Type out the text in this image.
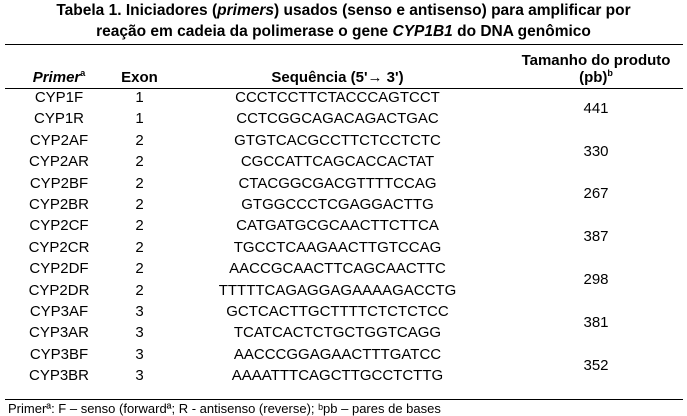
Tabela 1. Iniciadores (primers) usados (senso e antisenso) para amplificar por
reação em cadeia da polimerase o gene CYP1B1 do DNA genômico
Primer$^a$	Exon	Sequência (5'→ 3')	Tamanho do produto
(pb)$^b$

CYP1F	1	CCCTCCTTCTACCCAGTCCT	441
CYP1R	1	CCTCGGCAGACAGACTGAC	
CYP2AF	2	GTGTCACGCCTTCTCCTCTC	330
CYP2AR	2	CGCCATTCAGCACCACTAT	
CYP2BF	2	CTACGGCGACGTTTTCCAG	267
CYP2BR	2	GTGGCCCTCGAGGACTTG	
CYP2CF	2	CATGATGCGCAACTTCTTCA	387
CYP2CR	2	TGCCTCAAGAACTTGTCCAG	
CYP2DF	2	AACCGCAACTTCAGCAACTTC	298
CYP2DR	2	TTTTTCAGAGGAGAAAAGACCTG	
CYP3AF	3	GCTCACTTGCTTTTCTCTCTCC	381
CYP3AR	3	TCATCACTCTGCTGGTCAGG	
CYP3BF	3	AACCCGGAGAACTTTGATCC	352
CYP3BR	3	AAAATTTCAGCTTGCCTCTTG	
Primerª: F – senso (forwardª; R - antisenso (reverse); ᵇpb – pares de bases
